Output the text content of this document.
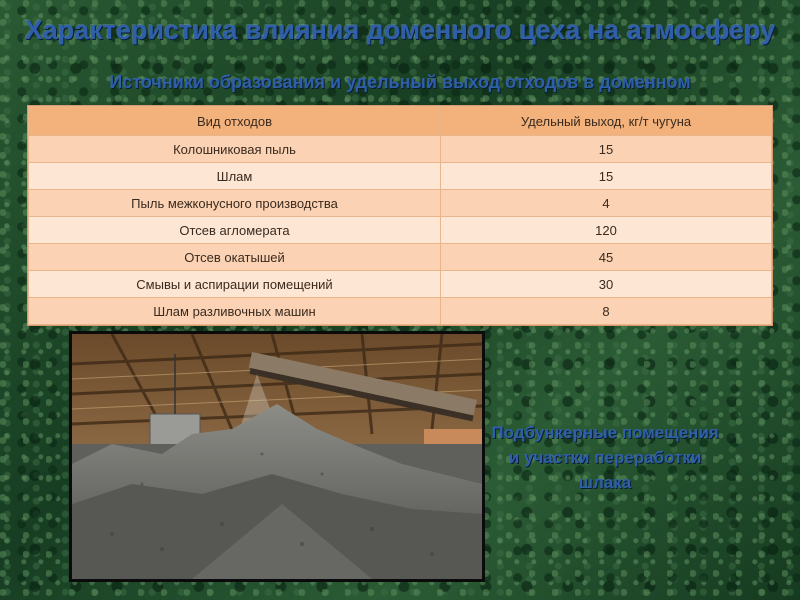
Характеристика влияния доменного цеха на атмосферу
Источники образования и удельный выход отходов в доменном
Вид отходов	Удельный выход, кг/т чугуна
Колошниковая пыль	15
Шлам	15
Пыль межконусного производства	4
Отсев агломерата	120
Отсев окатышей	45
Смывы и аспирации помещений	30
Шлам разливочных машин	8
Подбункерные помещения и участки переработки шлака
